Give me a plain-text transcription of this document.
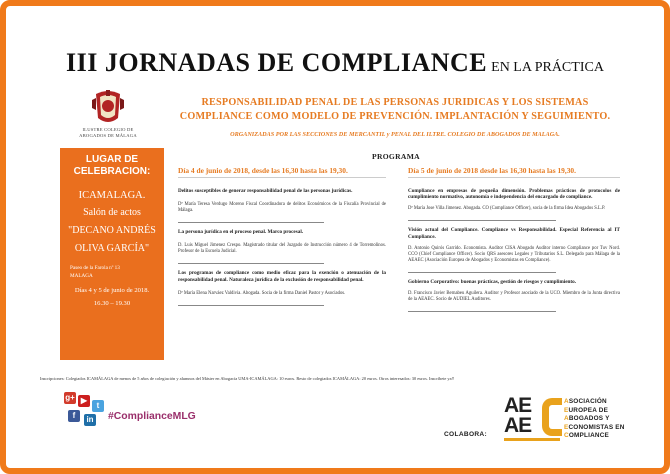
III JORNADAS DE COMPLIANCE EN LA PRÁCTICA
ILUSTRE COLEGIO DE
ABOGADOS DE MÁLAGA
RESPONSABILIDAD PENAL DE LAS PERSONAS JURIDICAS Y LOS SISTEMAS
COMPLIANCE COMO MODELO DE PREVENCIÓN. IMPLANTACIÓN Y SEGUIMIENTO.
ORGANIZADAS POR LAS SECCIONES DE MERCANTIL y PENAL DEL ILTRE. COLEGIO DE ABOGADOS DE MALAGA.
LUGAR DE
CELEBRACION:
ICAMALAGA.
Salón de actos
"DECANO ANDRÉS
OLIVA GARCÍA"
Paseo de la Farola nº 13
MALAGA
Días 4 y 5 de junio de 2018.
16.30 – 19.30
PROGRAMA
Día 4 de junio de 2018, desde las 16,30 hasta las 19,30.
Delitos susceptibles de generar responsabilidad penal de las personas jurídicas.
Dª María Teresa Verdugo Moreno Fiscal Coordinadora de delitos Económicos de la Fiscalía Provincial de Málaga.
La persona jurídica en el proceso penal. Marco procesal.
D. Luis Miguel Jimenez Crespo. Magistrado titular del Juzgado de Instrucción número 4 de Torremolinos. Profesor de la Escuela Judicial.
Los programas de compliance como medio eficaz para la exención o atenuación de la responsabilidad penal. Naturaleza jurídica de la exclusión de responsabilidad penal.
Dª María Elena Narváez Valdivia. Abogada. Socia de la firma Daniel Pastor y Asociados.
Día 5 de junio de 2018 desde las 16,30 hasta las 19,30.
Compliance en empresas de pequeña dimensión. Problemas prácticos de protocolos de cumplimiento normativo, autonomía e independencia del encargado de compliance.
Dª María Jose Villa Jimenez. Abogada. CO (Compliance Officer), socia de la firma Idea Abogados S.L.P.
Visión actual del Compliance. Compliance vs Responsabilidad. Especial Referencia al IT Compliance.
D. Antonio Quirós Garrido. Economista. Auditor CISA Abogado Auditor interno Compliance por Tuv Nord. CCO (Chief Compliance Officer). Socio QRS asesores Legales y Tributarios S.L. Delegado para Málaga de la AEAEC (Asociación Europea de Abogados y Economistas en Compliance).
Gobierno Corporativo: buenas prácticas, gestión de riesgos y cumplimiento.
D. Francisco Javier Bernabeu Aguilera. Auditor y Profesor asociado de la UCO. Miembro de la Junta directiva de la AEAEC. Socio de AUDIEL Auditores.
Inscripciones: Colegiados ICAMÁLAGA de menos de 5 años de colegiación y alumnos del Máster en Abogacía UMA-ICAMÁLAGA: 10 euros. Resto de colegiados ICAMÁLAGA: 20 euros. Otros interesados: 30 euros. Inscríbete ya!!
g+ ▶
t
f	in #ComplianceMLG
COLABORA:
AE
AE
ASOCIACIÓN
EUROPEA DE
ABOGADOS Y
ECONOMISTAS EN
COMPLIANCE
